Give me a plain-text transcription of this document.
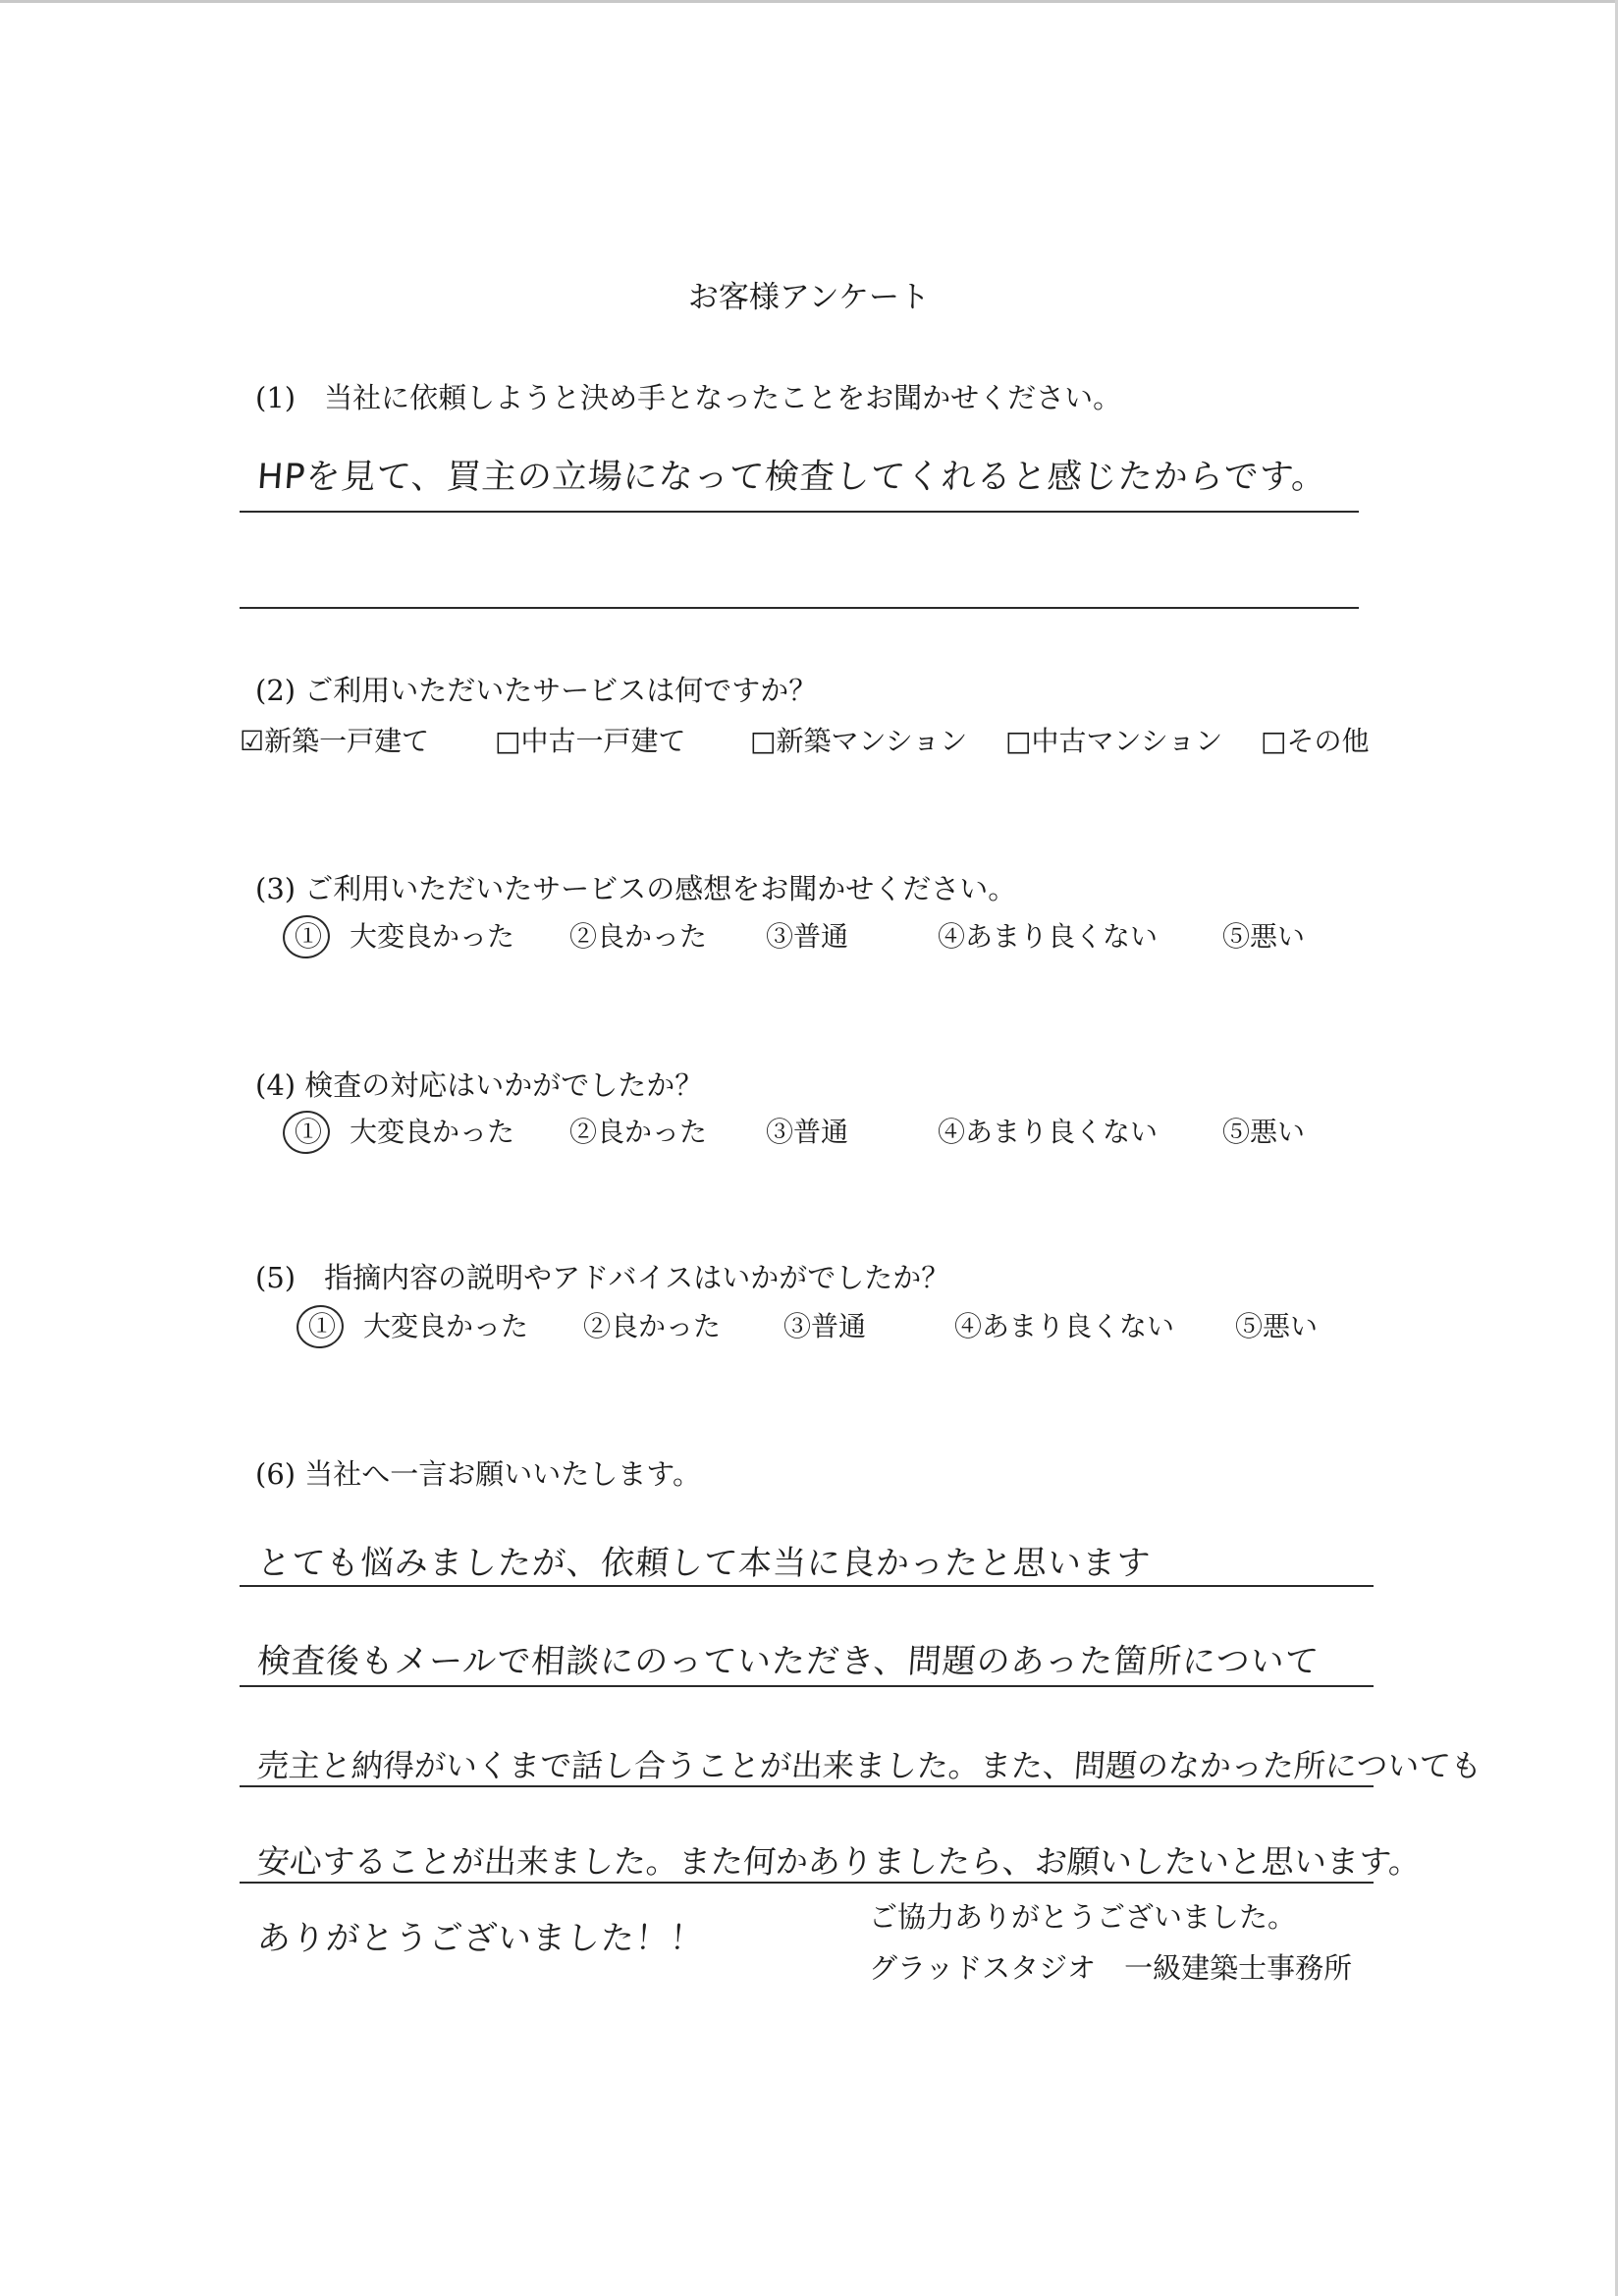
お客様アンケート
(1)　当社に依頼しようと決め手となったことをお聞かせください。
HPを見て、買主の立場になって検査してくれると感じたからです。
(2) ご利用いただいたサービスは何ですか？
☑新築一戸建て □中古一戸建て □新築マンション □中古マンション □その他
(3) ご利用いただいたサービスの感想をお聞かせください。
①　大変良かった ②良かった ③普通	④あまり良くない ⑤悪い
(4) 検査の対応はいかがでしたか？
①　大変良かった ②良かった ③普通	④あまり良くない ⑤悪い
(5)　指摘内容の説明やアドバイスはいかがでしたか？
①　大変良かった ②良かった ③普通	④あまり良くない ⑤悪い
(6) 当社へ一言お願いいたします。
とても悩みましたが、依頼して本当に良かったと思います
検査後もメールで相談にのっていただき、問題のあった箇所について
売主と納得がいくまで話し合うことが出来ました。また、問題のなかった所についても
安心することが出来ました。また何かありましたら、お願いしたいと思います。
ありがとうございました！！
ご協力ありがとうございました。
グラッドスタジオ　一級建築士事務所
